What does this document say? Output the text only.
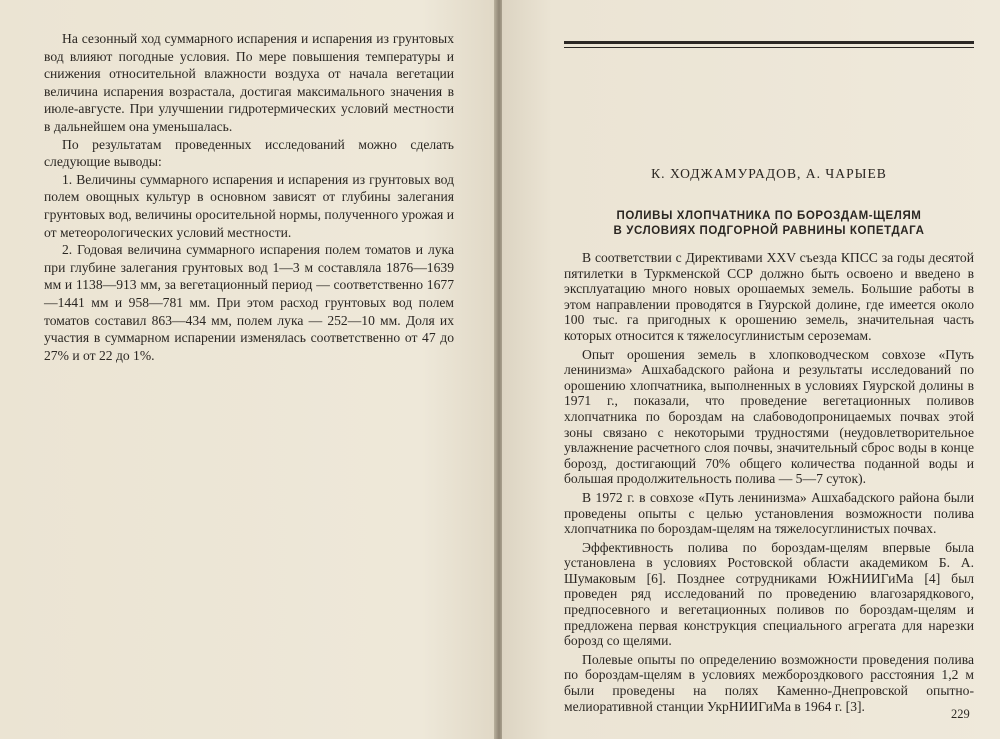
На сезонный ход суммарного испарения и испарения из грунтовых вод влияют погодные условия. По мере повышения температуры и снижения относительной влажности воздуха от начала вегетации величина испарения возрастала, достигая максимального значения в июле-августе. При улучшении гидротермических условий местности в дальнейшем она уменьшалась.

По результатам проведенных исследований можно сделать следующие выводы:

1. Величины суммарного испарения и испарения из грунтовых вод полем овощных культур в основном зависят от глубины залегания грунтовых вод, величины оросительной нормы, полученного урожая и от метеорологических условий местности.

2. Годовая величина суммарного испарения полем томатов и лука при глубине залегания грунтовых вод 1—3 м составляла 1876—1639 мм и 1138—913 мм, за вегетационный период — соответственно 1677—1441 мм и 958—781 мм. При этом расход грунтовых вод полем томатов составил 863—434 мм, полем лука — 252—10 мм. Доля их участия в суммарном испарении изменялась соответственно от 47 до 27% и от 22 до 1%.

К. ХОДЖАМУРАДОВ, А. ЧАРЫЕВ
ПОЛИВЫ ХЛОПЧАТНИКА ПО БОРОЗДАМ-ЩЕЛЯМ
В УСЛОВИЯХ ПОДГОРНОЙ РАВНИНЫ КОПЕТДАГА

В соответствии с Директивами XXV съезда КПСС за годы десятой пятилетки в Туркменской ССР должно быть освоено и введено в эксплуатацию много новых орошаемых земель. Большие работы в этом направлении проводятся в Гяурской долине, где имеется около 100 тыс. га пригодных к орошению земель, значительная часть которых относится к тяжелосуглинистым сероземам.

Опыт орошения земель в хлопководческом совхозе «Путь ленинизма» Ашхабадского района и результаты исследований по орошению хлопчатника, выполненных в условиях Гяурской долины в 1971 г., показали, что проведение вегетационных поливов хлопчатника по бороздам на слабоводопроницаемых почвах этой зоны связано с некоторыми трудностями (неудовлетворительное увлажнение расчетного слоя почвы, значительный сброс воды в конце борозд, достигающий 70% общего количества поданной воды и большая продолжительность полива — 5—7 суток).

В 1972 г. в совхозе «Путь ленинизма» Ашхабадского района были проведены опыты с целью установления возможности полива хлопчатника по бороздам-щелям на тяжелосуглинистых почвах.

Эффективность полива по бороздам-щелям впервые была установлена в условиях Ростовской области академиком Б. А. Шумаковым [6]. Позднее сотрудниками ЮжНИИГиМа [4] был проведен ряд исследований по проведению влагозарядкового, предпосевного и вегетационных поливов по бороздам-щелям и предложена первая конструкция специального агрегата для нарезки борозд со щелями.

Полевые опыты по определению возможности проведения полива по бороздам-щелям в условиях межбороздкового расстояния 1,2 м были проведены на полях Каменно-Днепровской опытно-мелиоративной станции УкрНИИГиМа в 1964 г. [3].

229
